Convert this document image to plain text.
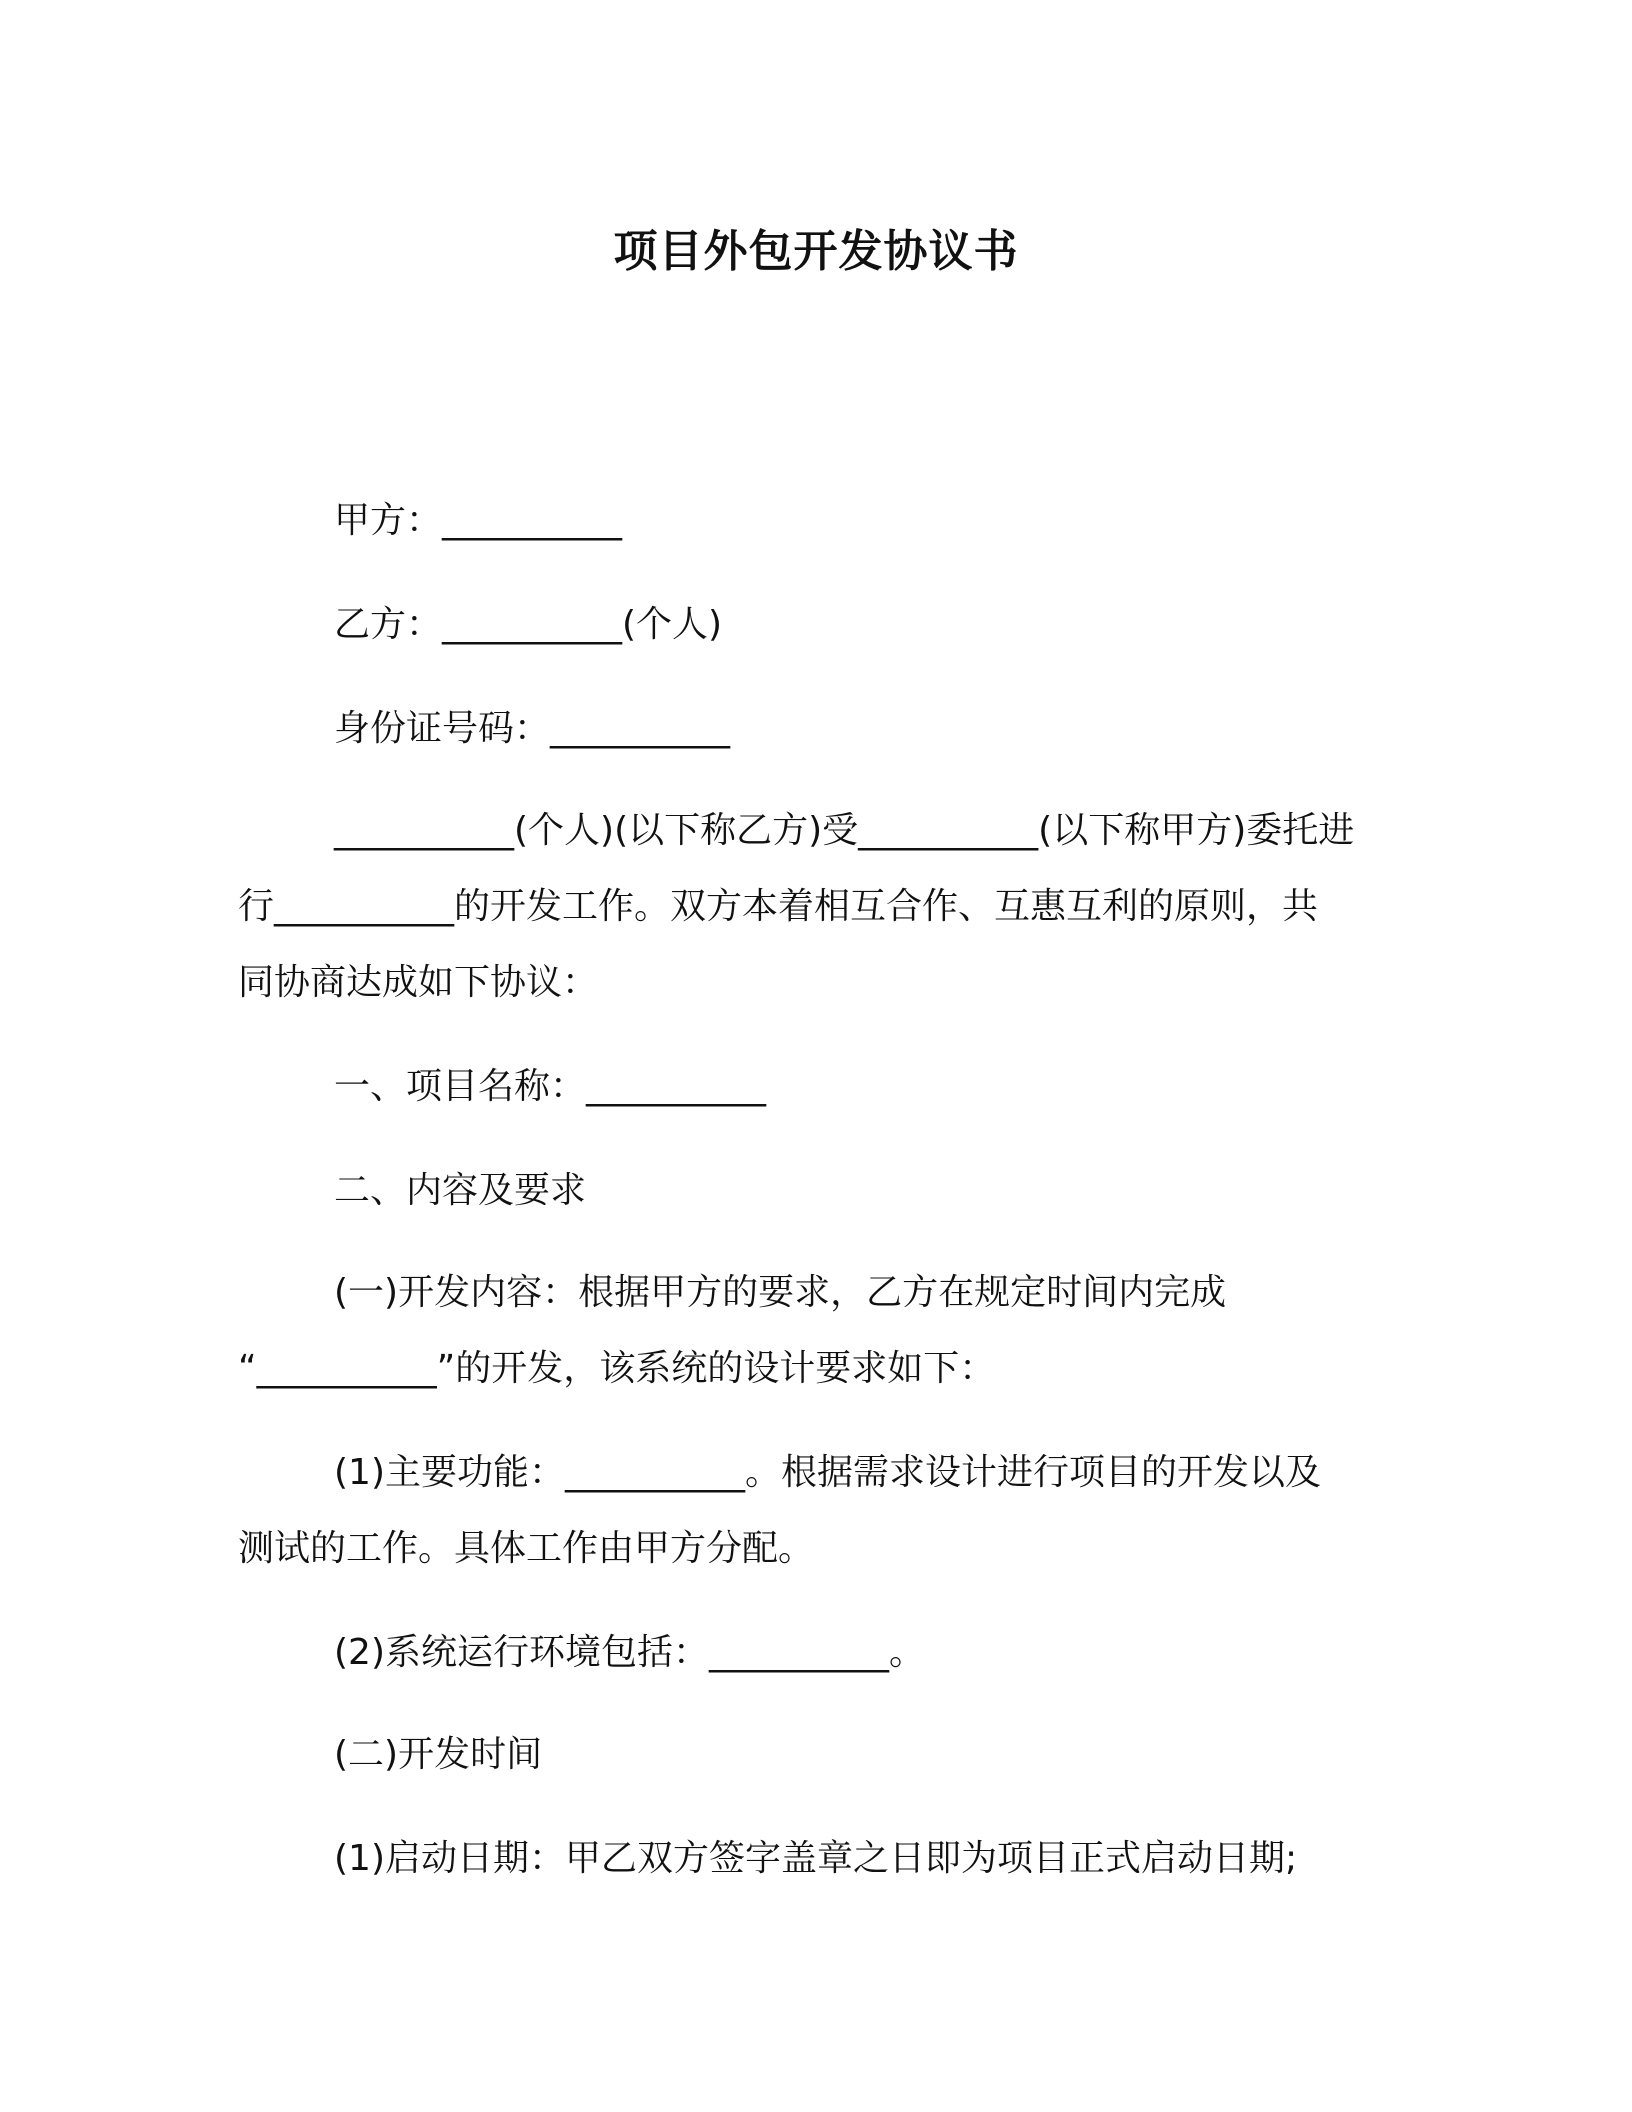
项目外包开发协议书
甲方：__________
乙方：__________(个人)
身份证号码：__________
__________(个人)(以下称乙方)受__________(以下称甲方)委托进
行__________的开发工作。双方本着相互合作、互惠互利的原则，共
同协商达成如下协议：
一、项目名称：__________
二、内容及要求
(一)开发内容：根据甲方的要求，乙方在规定时间内完成
“__________”的开发，该系统的设计要求如下：
(1)主要功能：__________。根据需求设计进行项目的开发以及
测试的工作。具体工作由甲方分配。
(2)系统运行环境包括：__________。
(二)开发时间
(1)启动日期：甲乙双方签字盖章之日即为项目正式启动日期;
